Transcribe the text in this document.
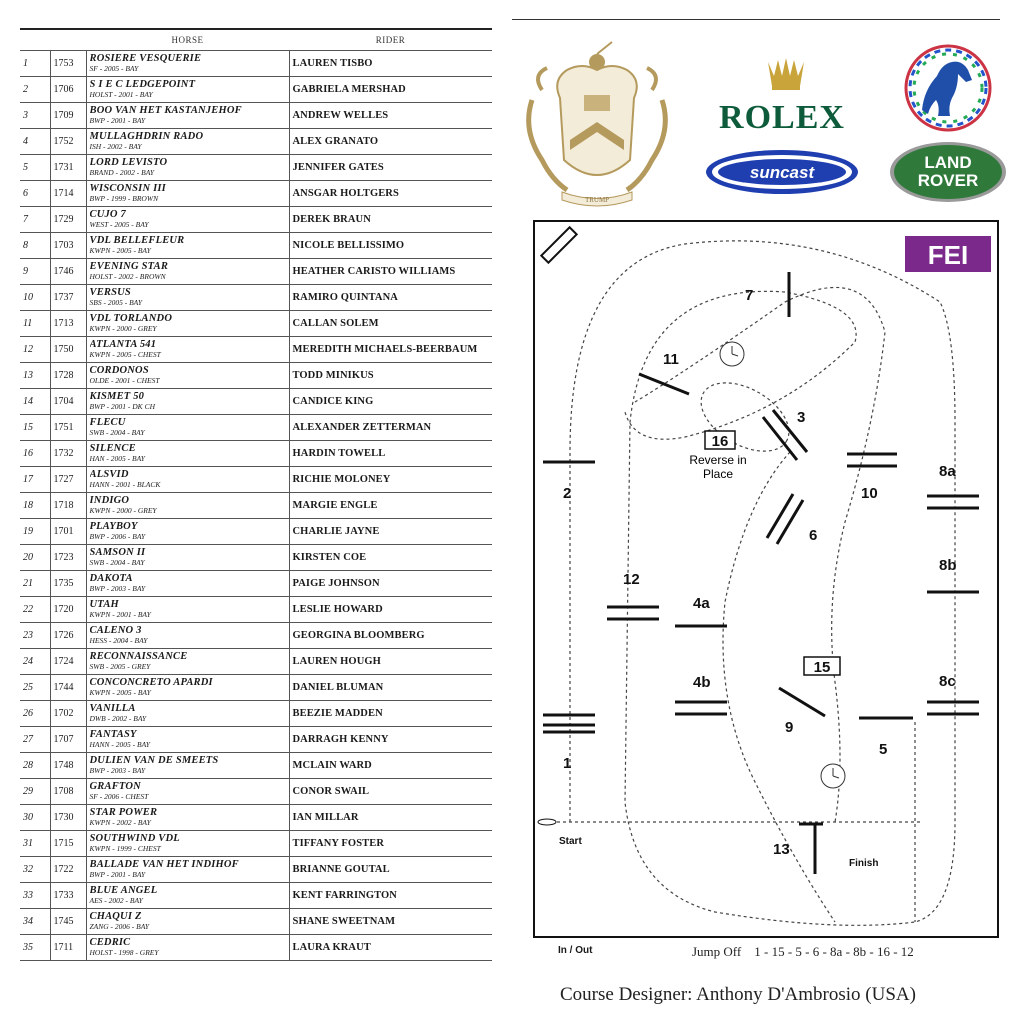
		HORSE	RIDER
1	1753	ROSIERE VESQUERIE
SF - 2005 - BAY	LAUREN TISBO
2	1706	S I E C LEDGEPOINT
HOLST - 2001 - BAY	GABRIELA MERSHAD
3	1709	BOO VAN HET KASTANJEHOF
BWP - 2001 - BAY	ANDREW WELLES
4	1752	MULLAGHDRIN RADO
ISH - 2002 - BAY	ALEX GRANATO
5	1731	LORD LEVISTO
BRAND - 2002 - BAY	JENNIFER GATES
6	1714	WISCONSIN III
BWP - 1999 - BROWN	ANSGAR HOLTGERS
7	1729	CUJO 7
WEST - 2005 - BAY	DEREK BRAUN
8	1703	VDL BELLEFLEUR
KWPN - 2005 - BAY	NICOLE BELLISSIMO
9	1746	EVENING STAR
HOLST - 2002 - BROWN	HEATHER CARISTO WILLIAMS
10	1737	VERSUS
SBS - 2005 - BAY	RAMIRO QUINTANA
11	1713	VDL TORLANDO
KWPN - 2000 - GREY	CALLAN SOLEM
12	1750	ATLANTA 541
KWPN - 2005 - CHEST	MEREDITH MICHAELS-BEERBAUM
13	1728	CORDONOS
OLDE - 2001 - CHEST	TODD MINIKUS
14	1704	KISMET 50
BWP - 2001 - DK CH	CANDICE KING
15	1751	FLECU
SWB - 2004 - BAY	ALEXANDER ZETTERMAN
16	1732	SILENCE
HAN - 2005 - BAY	HARDIN TOWELL
17	1727	ALSVID
HANN - 2001 - BLACK	RICHIE MOLONEY
18	1718	INDIGO
KWPN - 2000 - GREY	MARGIE ENGLE
19	1701	PLAYBOY
BWP - 2006 - BAY	CHARLIE JAYNE
20	1723	SAMSON II
SWB - 2004 - BAY	KIRSTEN COE
21	1735	DAKOTA
BWP - 2003 - BAY	PAIGE JOHNSON
22	1720	UTAH
KWPN - 2001 - BAY	LESLIE HOWARD
23	1726	CALENO 3
HESS - 2004 - BAY	GEORGINA BLOOMBERG
24	1724	RECONNAISSANCE
SWB - 2005 - GREY	LAUREN HOUGH
25	1744	CONCONCRETO APARDI
KWPN - 2005 - BAY	DANIEL BLUMAN
26	1702	VANILLA
DWB - 2002 - BAY	BEEZIE MADDEN
27	1707	FANTASY
HANN - 2005 - BAY	DARRAGH KENNY
28	1748	DULIEN VAN DE SMEETS
BWP - 2003 - BAY	MCLAIN WARD
29	1708	GRAFTON
SF - 2006 - CHEST	CONOR SWAIL
30	1730	STAR POWER
KWPN - 2002 - BAY	IAN MILLAR
31	1715	SOUTHWIND VDL
KWPN - 1999 - CHEST	TIFFANY FOSTER
32	1722	BALLADE VAN HET INDIHOF
BWP - 2001 - BAY	BRIANNE GOUTAL
33	1733	BLUE ANGEL
AES - 2002 - BAY	KENT FARRINGTON
34	1745	CHAQUI Z
ZANG - 2006 - BAY	SHANE SWEETNAM
35	1711	CEDRIC
HOLST - 1998 - GREY	LAURA KRAUT
TRUMP
ROLEX
suncast
LAND
ROVER
FEI
1
2
3
4a
4b
5
6
7
8a
8b
8c
9
10
11
12
13
16
Reverse in
Place
15
Start
Finish
In / Out	Jump Off 1 - 15 - 5 - 6 - 8a - 8b - 16 - 12
Course Designer: Anthony D'Ambrosio (USA)
